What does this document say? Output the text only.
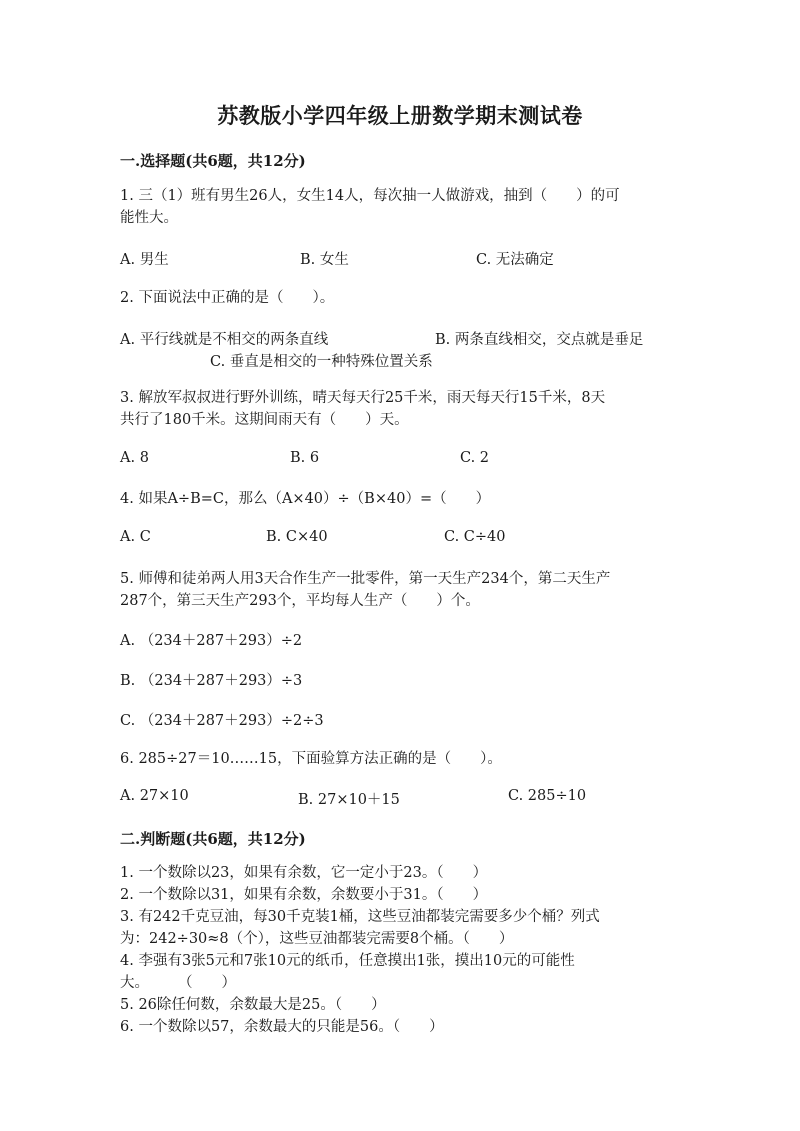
苏教版小学四年级上册数学期末测试卷
一.选择题(共6题，共12分)
1. 三（1）班有男生26人，女生14人，每次抽一人做游戏，抽到（　　）的可
能性大。
A. 男生	B. 女生	C. 无法确定
2. 下面说法中正确的是（　　）。
A. 平行线就是不相交的两条直线	B. 两条直线相交，交点就是垂足
C. 垂直是相交的一种特殊位置关系
3. 解放军叔叔进行野外训练，晴天每天行25千米，雨天每天行15千米，8天
共行了180千米。这期间雨天有（　　）天。
A. 8	B. 6	C. 2
4. 如果A÷B=C，那么（A×40）÷（B×40）=（　　）
A. C	B. C×40	C. C÷40
5. 师傅和徒弟两人用3天合作生产一批零件，第一天生产234个，第二天生产
287个，第三天生产293个，平均每人生产（　　）个。
A. （234＋287＋293）÷2
B. （234＋287＋293）÷3
C. （234＋287＋293）÷2÷3
6. 285÷27＝10……15，下面验算方法正确的是（　　）。
A. 27×10	B. 27×10＋15	C. 285÷10
二.判断题(共6题，共12分)
1. 一个数除以23，如果有余数，它一定小于23。（　　）
2. 一个数除以31，如果有余数，余数要小于31。（　　）
3. 有242千克豆油，每30千克装1桶，这些豆油都装完需要多少个桶？列式
为：242÷30≈8（个），这些豆油都装完需要8个桶。（　　）
4. 李强有3张5元和7张10元的纸币，任意摸出1张，摸出10元的可能性
大。　　　（　　）
5. 26除任何数，余数最大是25。（　　）
6. 一个数除以57，余数最大的只能是56。（　　）
